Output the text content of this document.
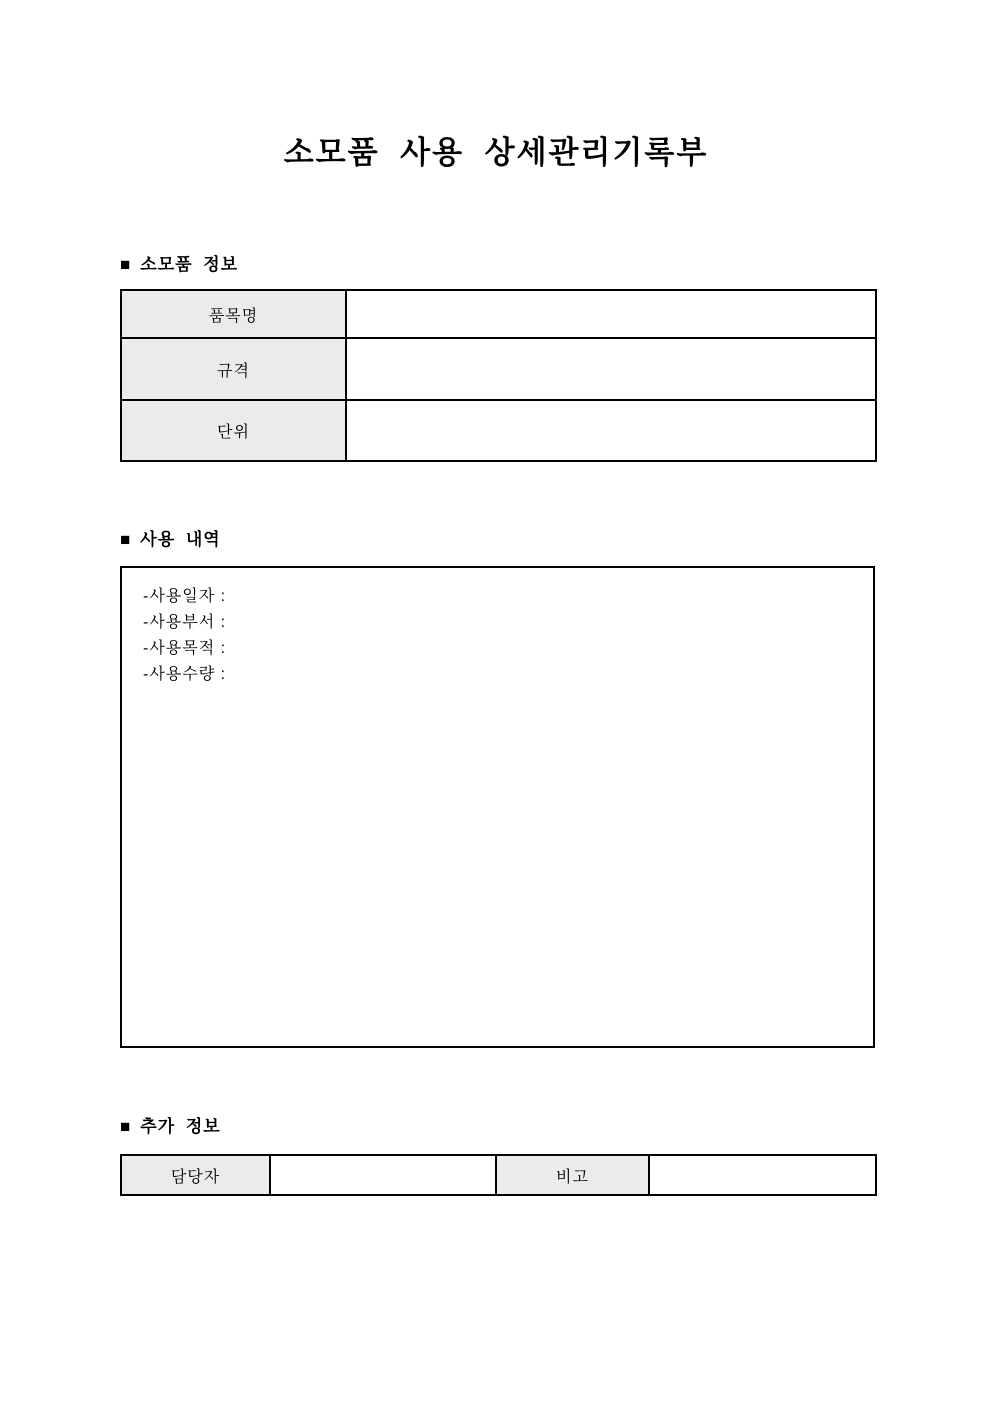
소모품 사용 상세관리기록부
■ 소모품 정보
품목명	
규격	
단위	
■ 사용 내역
-사용일자 :
-사용부서 :
-사용목적 :
-사용수량 :
■ 추가 정보
담당자		비고	
